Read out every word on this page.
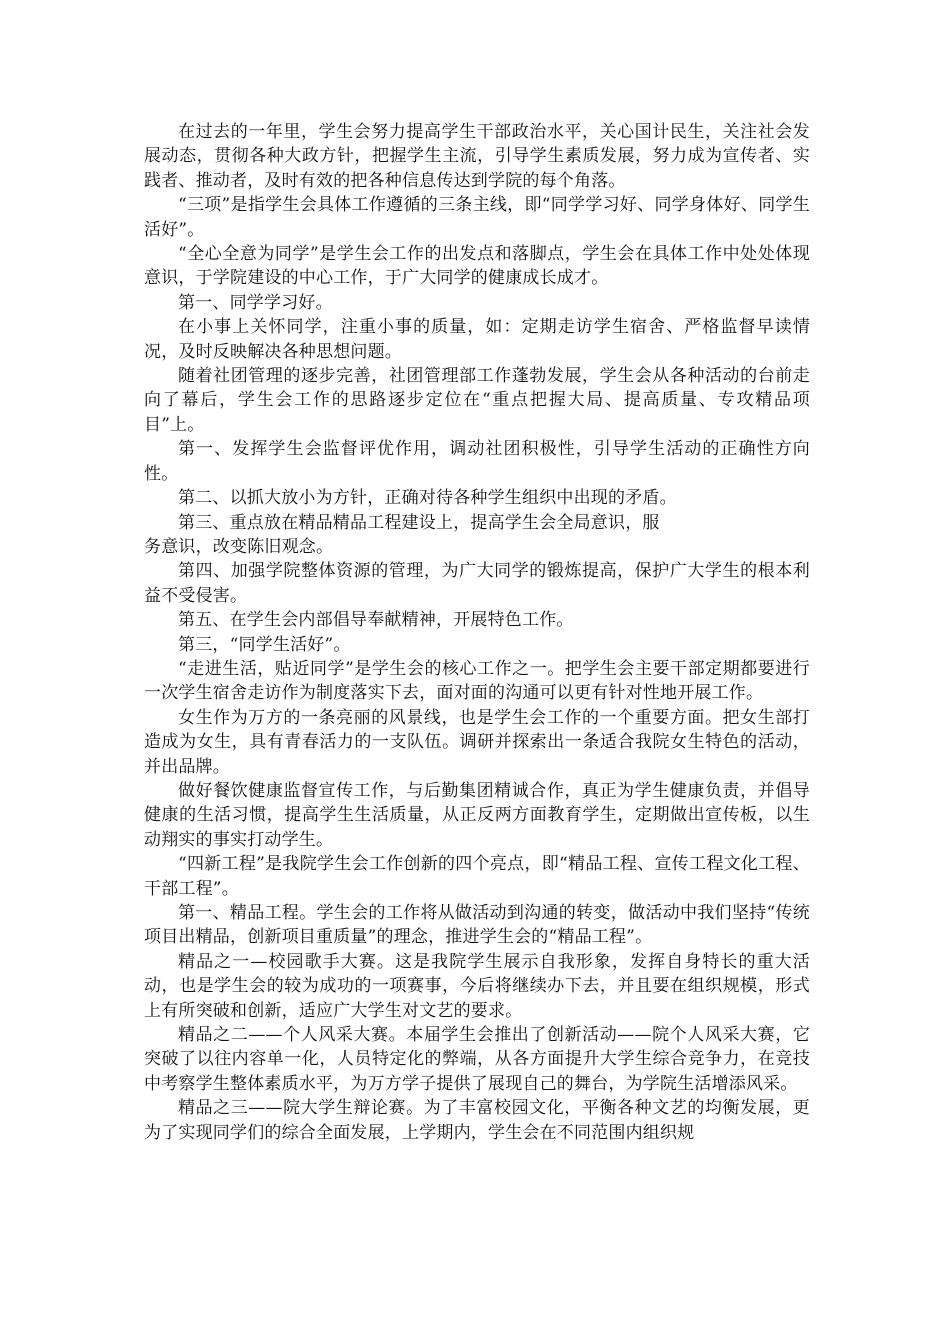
在过去的一年里，学生会努力提高学生干部政治水平，关心国计民生，关注社会发展动态，贯彻各种大政方针，把握学生主流，引导学生素质发展，努力成为宣传者、实践者、推动者，及时有效的把各种信息传达到学院的每个角落。

“三项”是指学生会具体工作遵循的三条主线，即“同学学习好、同学身体好、同学生活好”。

“全心全意为同学”是学生会工作的出发点和落脚点，学生会在具体工作中处处体现意识，于学院建设的中心工作，于广大同学的健康成长成才。

第一、同学学习好。

在小事上关怀同学，注重小事的质量，如：定期走访学生宿舍、严格监督早读情况，及时反映解决各种思想问题。

随着社团管理的逐步完善，社团管理部工作蓬勃发展，学生会从各种活动的台前走向了幕后，学生会工作的思路逐步定位在“重点把握大局、提高质量、专攻精品项目”上。

第一、发挥学生会监督评优作用，调动社团积极性，引导学生活动的正确性方向性。

第二、以抓大放小为方针，正确对待各种学生组织中出现的矛盾。

第三、重点放在精品精品工程建设上，提高学生会全局意识，服

务意识，改变陈旧观念。

第四、加强学院整体资源的管理，为广大同学的锻炼提高，保护广大学生的根本利益不受侵害。

第五、在学生会内部倡导奉献精神，开展特色工作。

第三，“同学生活好”。

“走进生活，贴近同学”是学生会的核心工作之一。把学生会主要干部定期都要进行一次学生宿舍走访作为制度落实下去，面对面的沟通可以更有针对性地开展工作。

女生作为万方的一条亮丽的风景线，也是学生会工作的一个重要方面。把女生部打造成为女生，具有青春活力的一支队伍。调研并探索出一条适合我院女生特色的活动，并出品牌。

做好餐饮健康监督宣传工作，与后勤集团精诚合作，真正为学生健康负责，并倡导健康的生活习惯，提高学生生活质量，从正反两方面教育学生，定期做出宣传板，以生动翔实的事实打动学生。

“四新工程”是我院学生会工作创新的四个亮点，即“精品工程、宣传工程文化工程、干部工程”。

第一、精品工程。学生会的工作将从做活动到沟通的转变，做活动中我们坚持“传统项目出精品，创新项目重质量”的理念，推进学生会的“精品工程”。

精品之一—校园歌手大赛。这是我院学生展示自我形象，发挥自身特长的重大活动，也是学生会的较为成功的一项赛事，今后将继续办下去，并且要在组织规模，形式上有所突破和创新，适应广大学生对文艺的要求。

精品之二——个人风采大赛。本届学生会推出了创新活动——院个人风采大赛，它突破了以往内容单一化，人员特定化的弊端，从各方面提升大学生综合竞争力，在竞技中考察学生整体素质水平，为万方学子提供了展现自己的舞台，为学院生活增添风采。

精品之三——院大学生辩论赛。为了丰富校园文化，平衡各种文艺的均衡发展，更为了实现同学们的综合全面发展，上学期内，学生会在不同范围内组织规
